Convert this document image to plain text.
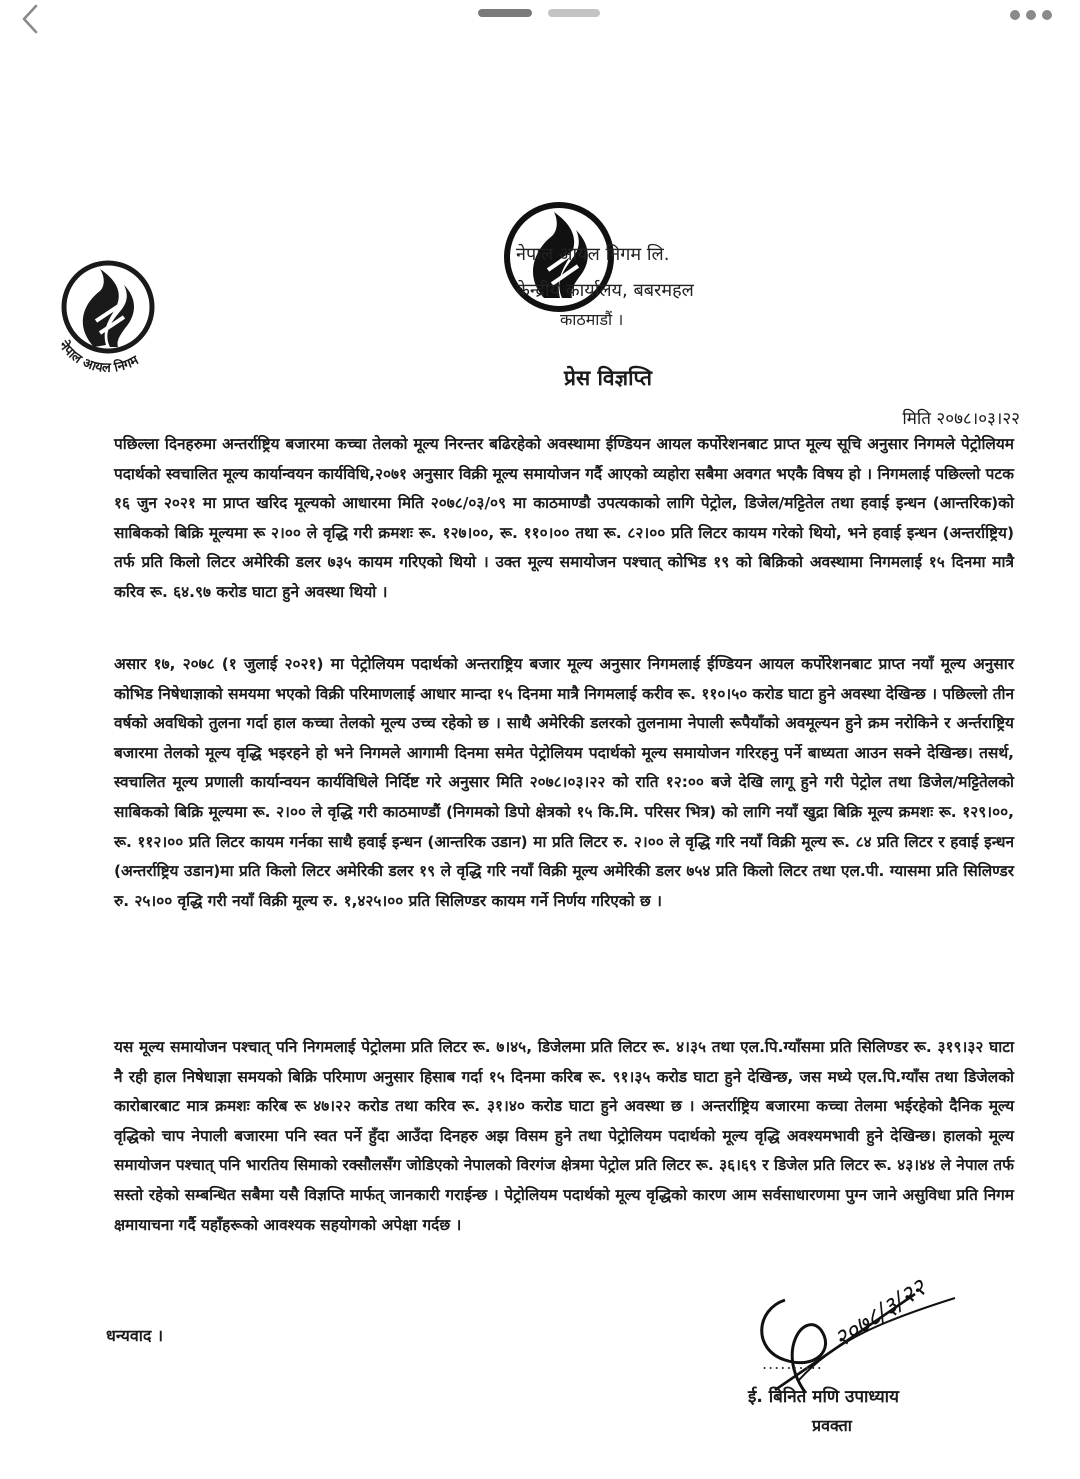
नेपाल आयल निगम
नेपाल आयल निगम लि.
केन्द्रीय कार्यालय, बबरमहल
काठमाडौं ।
प्रेस विज्ञप्ति
मिति २०७८।०३।२२

पछिल्ला दिनहरुमा अन्तर्राष्ट्रिय बजारमा कच्चा तेलको मूल्य निरन्तर बढिरहेको अवस्थामा ईण्डियन आयल कर्पोरेशनबाट प्राप्त मूल्य सूचि अनुसार निगमले पेट्रोलियम पदार्थको स्वचालित मूल्य कार्यान्वयन कार्यविधि,२०७१ अनुसार विक्री मूल्य समायोजन गर्दै आएको व्यहोरा सबैमा अवगत भएकै विषय हो । निगमलाई पछिल्लो पटक १६ जुन २०२१ मा प्राप्त खरिद मूल्यको आधारमा मिति २०७८/०३/०९ मा काठमाण्डौ उपत्यकाको लागि पेट्रोल, डिजेल/मट्टितेल तथा हवाई इन्धन (आन्तरिक)को साबिकको बिक्रि मूल्यमा रू २।०० ले वृद्धि गरी क्रमशः रू. १२७।००, रू. ११०।०० तथा रू. ८२।०० प्रति लिटर कायम गरेको थियो, भने हवाई इन्धन (अन्तर्राष्ट्रिय) तर्फ प्रति किलो लिटर अमेरिकी डलर ७३५ कायम गरिएको थियो । उक्त मूल्य समायोजन पश्चात् कोभिड १९ को बिक्रिको अवस्थामा निगमलाई १५ दिनमा मात्रै करिव रू. ६४.९७ करोड घाटा हुने अवस्था थियो ।

असार १७, २०७८ (१ जुलाई २०२१) मा पेट्रोलियम पदार्थको अन्तराष्ट्रिय बजार मूल्य अनुसार निगमलाई ईण्डियन आयल कर्पोरेशनबाट प्राप्त नयाँ मूल्य अनुसार कोभिड निषेधाज्ञाको समयमा भएको विक्री परिमाणलाई आधार मान्दा १५ दिनमा मात्रै निगमलाई करीव रू. ११०।५० करोड घाटा हुने अवस्था देखिन्छ । पछिल्लो तीन वर्षको अवधिको तुलना गर्दा हाल कच्चा तेलको मूल्य उच्च रहेको छ । साथै अमेरिकी डलरको तुलनामा नेपाली रूपैयाँको अवमूल्यन हुने क्रम नरोकिने र अर्न्तराष्ट्रिय बजारमा तेलको मूल्य वृद्धि भइरहने हो भने निगमले आगामी दिनमा समेत पेट्रोलियम पदार्थको मूल्य समायोजन गरिरहनु पर्ने बाध्यता आउन सक्ने देखिन्छ। तसर्थ, स्वचालित मूल्य प्रणाली कार्यान्वयन कार्यविधिले निर्दिष्ट गरे अनुसार मिति २०७८।०३।२२ को राति १२:०० बजे देखि लागू हुने गरी पेट्रोल तथा डिजेल/मट्टितेलको साबिकको बिक्रि मूल्यमा रू. २।०० ले वृद्धि गरी काठमाण्डौं (निगमको डिपो क्षेत्रको १५ कि.मि. परिसर भित्र) को लागि नयाँ खुद्रा बिक्रि मूल्य क्रमशः रू. १२९।००, रू. ११२।०० प्रति लिटर कायम गर्नका साथै हवाई इन्धन (आन्तरिक उडान) मा प्रति लिटर रु. २।०० ले वृद्धि गरि नयाँ विक्री मूल्य रू. ८४ प्रति लिटर र हवाई इन्धन (अन्तर्राष्ट्रिय उडान)मा प्रति किलो लिटर अमेरिकी डलर १९ ले वृद्धि गरि नयाँ विक्री मूल्य अमेरिकी डलर ७५४ प्रति किलो लिटर तथा एल.पी. ग्यासमा प्रति सिलिण्डर रु. २५।०० वृद्धि गरी नयाँ विक्री मूल्य रु. १,४२५।०० प्रति सिलिण्डर कायम गर्ने निर्णय गरिएको छ ।

यस मूल्य समायोजन पश्चात् पनि निगमलाई पेट्रोलमा प्रति लिटर रू. ७।४५, डिजेलमा प्रति लिटर रू. ४।३५ तथा एल.पि.ग्याँसमा प्रति सिलिण्डर रू. ३१९।३२ घाटा नै रही हाल निषेधाज्ञा समयको बिक्रि परिमाण अनुसार हिसाब गर्दा १५ दिनमा करिब रू. ९१।३५ करोड घाटा हुने देखिन्छ, जस मध्ये एल.पि.ग्याँस तथा डिजेलको कारोबारबाट मात्र क्रमशः करिब रू ४७।२२ करोड तथा करिव रू. ३१।४० करोड घाटा हुने अवस्था छ । अन्तर्राष्ट्रिय बजारमा कच्चा तेलमा भईरहेको दैनिक मूल्य वृद्धिको चाप नेपाली बजारमा पनि स्वत पर्ने हुँदा आउँदा दिनहरु अझ विसम हुने तथा पेट्रोलियम पदार्थको मूल्य वृद्धि अवश्यमभावी हुने देखिन्छ। हालको मूल्य समायोजन पश्चात् पनि भारतिय सिमाको रक्सौलसँग जोडिएको नेपालको विरगंज क्षेत्रमा पेट्रोल प्रति लिटर रू. ३६।६९ र डिजेल प्रति लिटर रू. ४३।४४ ले नेपाल तर्फ सस्तो रहेको सम्बन्धित सबैमा यसै विज्ञप्ति मार्फत् जानकारी गराईन्छ । पेट्रोलियम पदार्थको मूल्य वृद्धिको कारण आम सर्वसाधारणमा पुग्न जाने असुविधा प्रति निगम क्षमायाचना गर्दै यहाँहरूको आवश्यक सहयोगको अपेक्षा गर्दछ ।

धन्यवाद ।	२०७८/३/२२
..........
ई. बिनित मणि उपाध्याय
प्रवक्ता
